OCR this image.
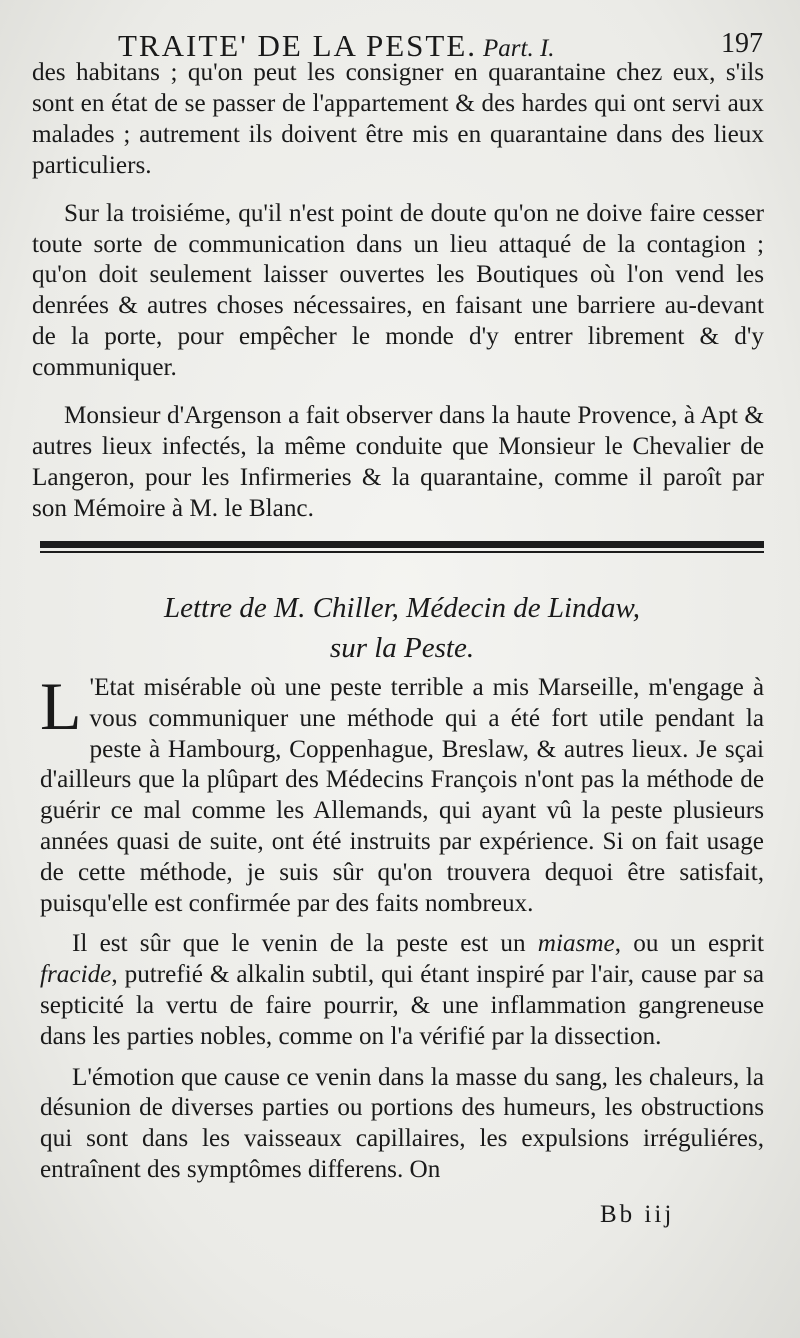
TRAITE' DE LA PESTE. Part. I.	197

des habitans ; qu'on peut les consigner en quarantaine chez eux, s'ils sont en état de se passer de l'appartement & des hardes qui ont servi aux malades ; autrement ils doivent être mis en quarantaine dans des lieux particuliers.

Sur la troisiéme, qu'il n'est point de doute qu'on ne doive faire cesser toute sorte de communication dans un lieu attaqué de la contagion ; qu'on doit seulement laisser ouvertes les Boutiques où l'on vend les denrées & autres choses nécessaires, en faisant une barriere au-devant de la porte, pour empêcher le monde d'y entrer librement & d'y communiquer.

Monsieur d'Argenson a fait observer dans la haute Provence, à Apt & autres lieux infectés, la même conduite que Monsieur le Chevalier de Langeron, pour les Infirmeries & la quarantaine, comme il paroît par son Mémoire à M. le Blanc.

Lettre de M. Chiller, Médecin de Lindaw,
sur la Peste.

L 'Etat misérable où une peste terrible a mis Marseille, m'engage à vous communiquer une méthode qui a été fort utile pendant la peste à Hambourg, Coppenhague, Breslaw, & autres lieux. Je sçai d'ailleurs que la plûpart des Médecins François n'ont pas la méthode de guérir ce mal comme les Allemands, qui ayant vû la peste plusieurs années quasi de suite, ont été instruits par expérience. Si on fait usage de cette méthode, je suis sûr qu'on trouvera dequoi être satisfait, puisqu'elle est confirmée par des faits nombreux.

Il est sûr que le venin de la peste est un miasme, ou un esprit fracide, putrefié & alkalin subtil, qui étant inspiré par l'air, cause par sa septicité la vertu de faire pourrir, & une inflammation gangreneuse dans les parties nobles, comme on l'a vérifié par la dissection.

L'émotion que cause ce venin dans la masse du sang, les chaleurs, la désunion de diverses parties ou portions des humeurs, les obstructions qui sont dans les vaisseaux capillaires, les expulsions irréguliéres, entraînent des symptômes differens. On

Bb iij
